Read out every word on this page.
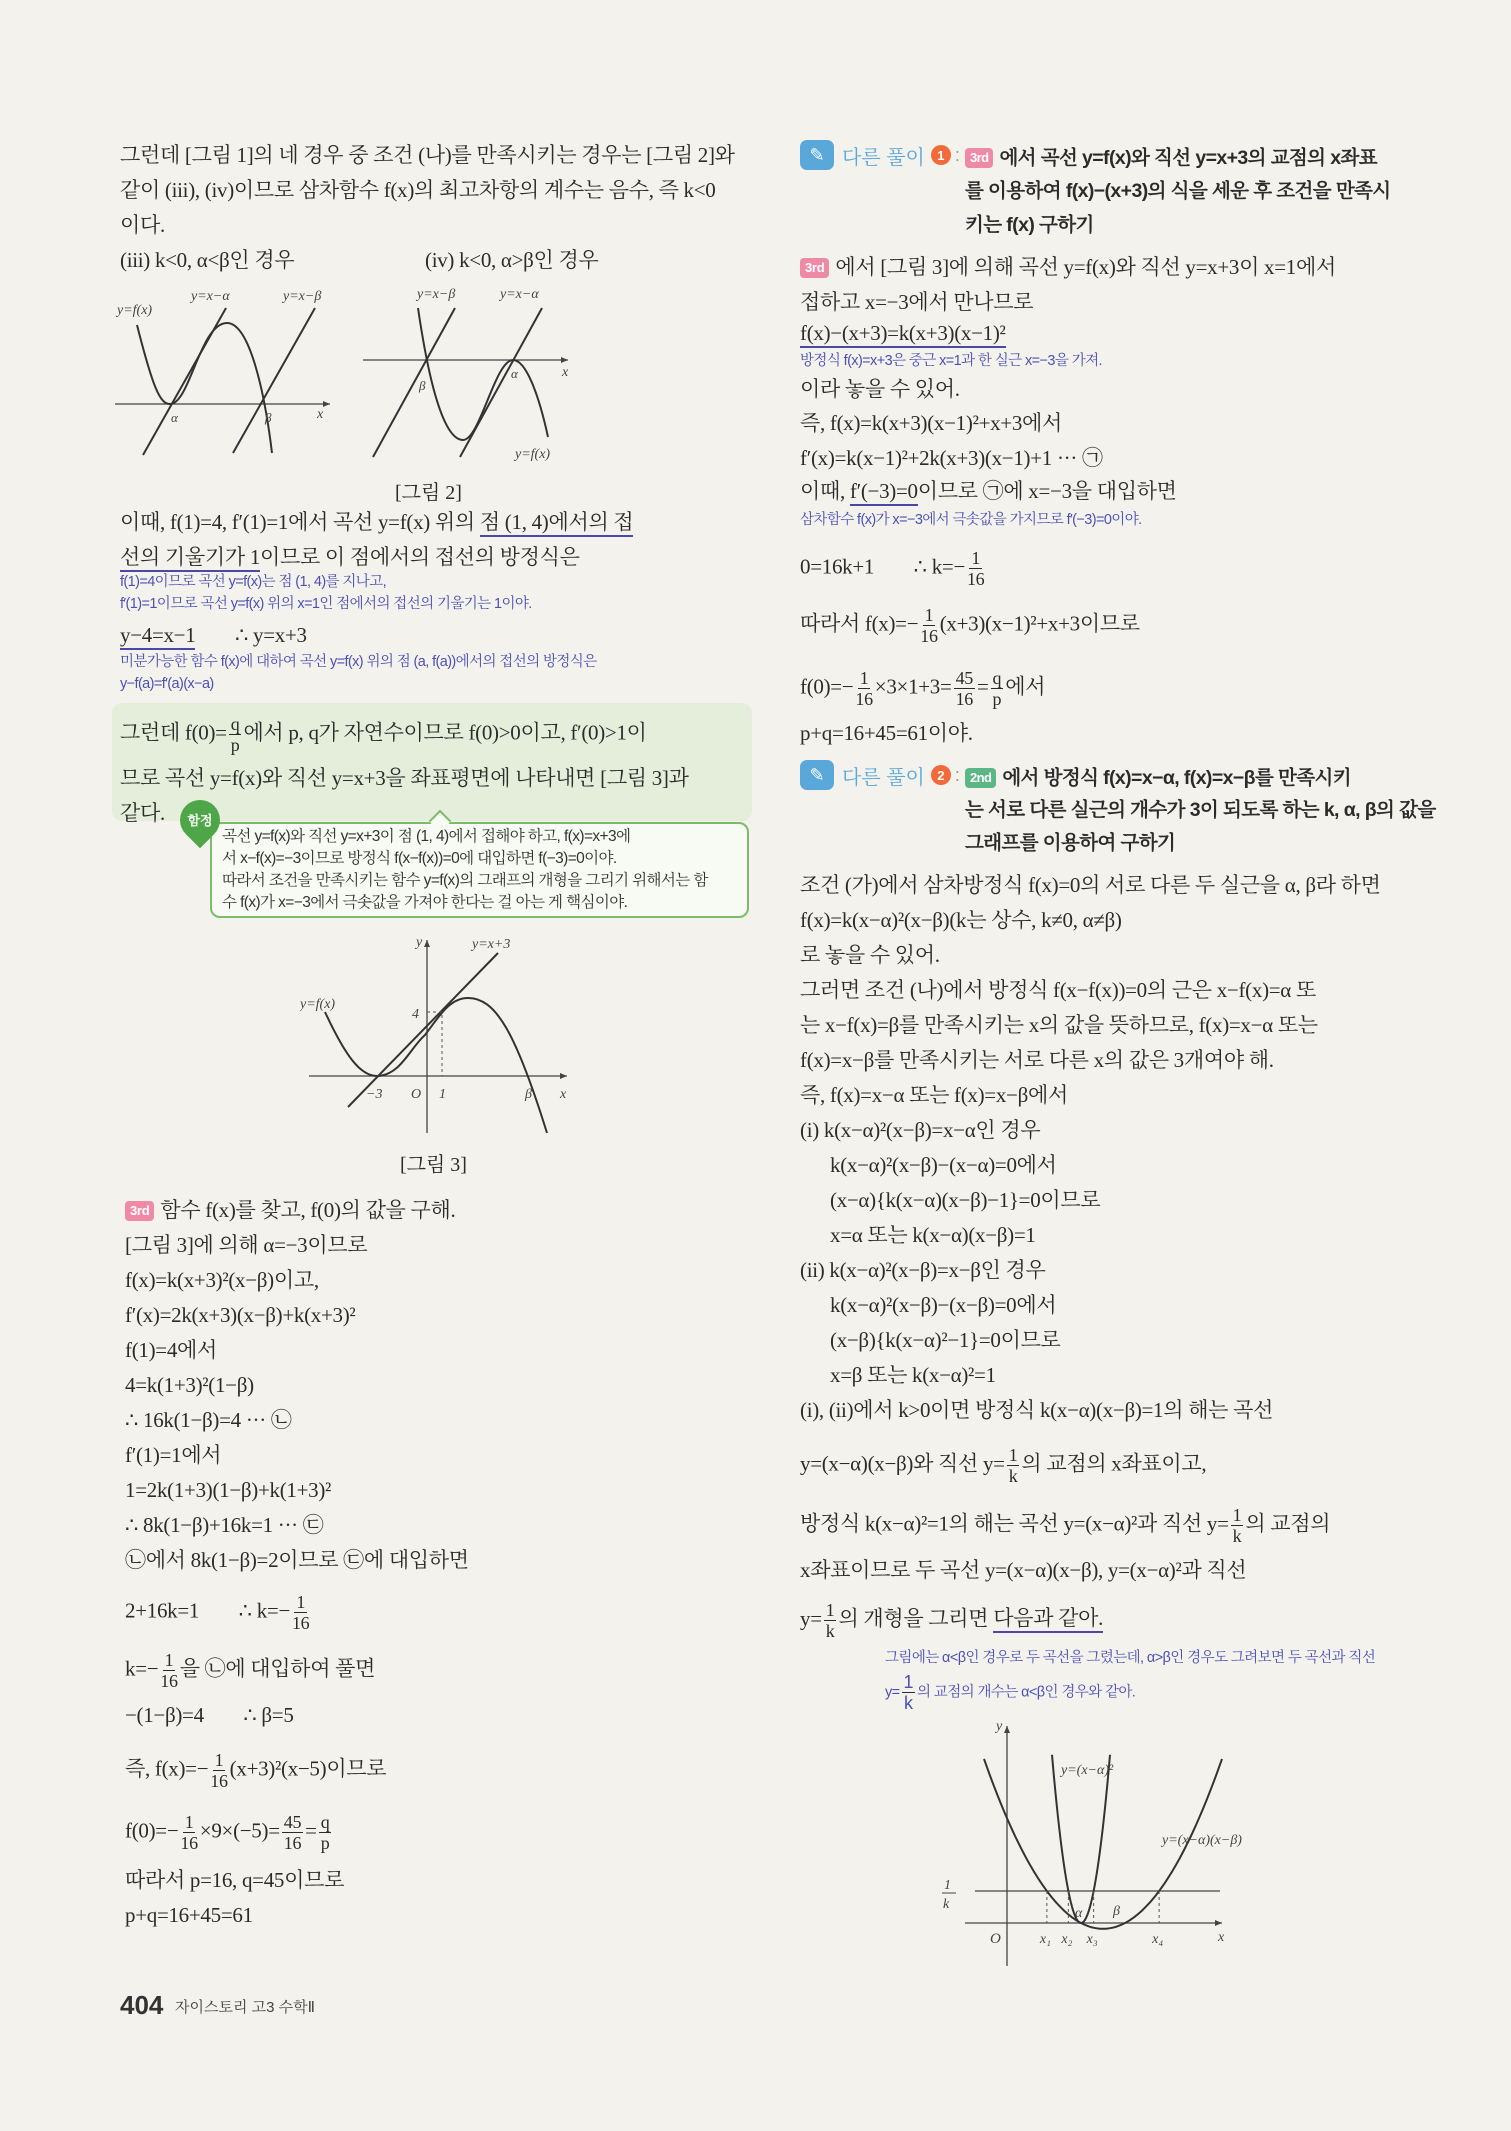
함정
y=f(x)
y=x−α	y=x−β
x
α	β
y=x−β	y=x−α
x
α
β
y=f(x)
[그림 2]
y	y=x+3
y=f(x)
4
−3 O 1	β x
[그림 3]
✎ 다른 풀이 1 :
✎ 다른 풀이 2 :
3rd 에서 곡선 y=f(x)와 직선 y=x+3의 교점의 x좌표
를 이용하여 f(x)−(x+3)의 식을 세운 후 조건을 만족시
키는 f(x) 구하기
2nd 에서 방정식 f(x)=x−α, f(x)=x−β를 만족시키
는 서로 다른 실근의 개수가 3이 되도록 하는 k, α, β의 값을
그래프를 이용하여 구하기
x₁ x₂ x₃	x₄
y
y=(x−α)²
y=(x−α)(x−β)
1
k
O
α β
x
404 자이스토리 고3 수학Ⅱ
그런데 [그림 1]의 네 경우 중 조건 (나)를 만족시키는 경우는 [그림 2]와
같이 (iii), (iv)이므로 삼차함수 f(x)의 최고차항의 계수는 음수, 즉 k<0
이다.
(iii) k<0, α<β인 경우	(iv) k<0, α>β인 경우
이때, f(1)=4, f′(1)=1에서 곡선 y=f(x) 위의 점 (1, 4)에서의 접
선의 기울기가 1이므로 이 점에서의 접선의 방정식은
f(1)=4이므로 곡선 y=f(x)는 점 (1, 4)를 지나고,
f′(1)=1이므로 곡선 y=f(x) 위의 x=1인 점에서의 접선의 기울기는 1이야.
y−4=x−1        ∴ y=x+3
미분가능한 함수 f(x)에 대하여 곡선 y=f(x) 위의 점 (a, f(a))에서의 접선의 방정식은
y−f(a)=f′(a)(x−a)
그런데 $f(0)= \frac{q}{p}$ 에서 p, q가 자연수이므로 f(0)>0이고, f′(0)>1이
므로 곡선 y=f(x)와 직선 y=x+3을 좌표평면에 나타내면 [그림 3]과
같다.
곡선 y=f(x)와 직선 y=x+3이 점 (1, 4)에서 접해야 하고, f(x)=x+3에
서 x−f(x)=−3이므로 방정식 f(x−f(x))=0에 대입하면 f(−3)=0이야.
따라서 조건을 만족시키는 함수 y=f(x)의 그래프의 개형을 그리기 위해서는 함
수 f(x)가 x=−3에서 극솟값을 가져야 한다는 걸 아는 게 핵심이야.
3rd 함수 f(x)를 찾고, f(0)의 값을 구해.
[그림 3]에 의해 α=−3이므로
f(x)=k(x+3)²(x−β)이고,
f′(x)=2k(x+3)(x−β)+k(x+3)²
f(1)=4에서
4=k(1+3)²(1−β)
∴ 16k(1−β)=4 ··· ㉡
f′(1)=1에서
1=2k(1+3)(1−β)+k(1+3)²
∴ 8k(1−β)+16k=1 ··· ㉢
㉡에서 8k(1−β)=2이므로 ㉢에 대입하면
2+16k=1        ∴ $k=- \frac{1}{16}$
$k=- \frac{1}{16}$ 을 ㉡에 대입하여 풀면
−(1−β)=4        ∴ β=5
즉, $f(x)=- \frac{1}{16} (x+3)^2(x-5)$이므로
$f(0)=- \frac{1}{16} \times 9\times(-5)= \frac{45}{16} = \frac{q}{p}$
따라서 p=16, q=45이므로
p+q=16+45=61
3rd 에서 [그림 3]에 의해 곡선 y=f(x)와 직선 y=x+3이 x=1에서
접하고 x=−3에서 만나므로
f(x)−(x+3)=k(x+3)(x−1)²
방정식 f(x)=x+3은 중근 x=1과 한 실근 x=−3을 가져.
이라 놓을 수 있어.
즉, f(x)=k(x+3)(x−1)²+x+3에서
f′(x)=k(x−1)²+2k(x+3)(x−1)+1 ··· ㉠
이때, f′(−3)=0이므로 ㉠에 x=−3을 대입하면
삼차함수 f(x)가 x=−3에서 극솟값을 가지므로 f′(−3)=0이야.
0=16k+1        ∴ $k=- \frac{1}{16}$
따라서 $f(x)=- \frac{1}{16} (x+3)(x-1)^2+x+3$이므로
$f(0)=- \frac{1}{16} \times 3\times 1+3= \frac{45}{16} = \frac{q}{p}$ 에서
p+q=16+45=61이야.
조건 (가)에서 삼차방정식 f(x)=0의 서로 다른 두 실근을 α, β라 하면
f(x)=k(x−α)²(x−β)(k는 상수, k≠0, α≠β)
로 놓을 수 있어.
그러면 조건 (나)에서 방정식 f(x−f(x))=0의 근은 x−f(x)=α 또
는 x−f(x)=β를 만족시키는 x의 값을 뜻하므로, f(x)=x−α 또는
f(x)=x−β를 만족시키는 서로 다른 x의 값은 3개여야 해.
즉, f(x)=x−α 또는 f(x)=x−β에서
(i) k(x−α)²(x−β)=x−α인 경우
k(x−α)²(x−β)−(x−α)=0에서
(x−α){k(x−α)(x−β)−1}=0이므로
x=α 또는 k(x−α)(x−β)=1
(ii) k(x−α)²(x−β)=x−β인 경우
k(x−α)²(x−β)−(x−β)=0에서
(x−β){k(x−α)²−1}=0이므로
x=β 또는 k(x−α)²=1
(i), (ii)에서 k>0이면 방정식 k(x−α)(x−β)=1의 해는 곡선
y=(x−α)(x−β)와 직선 $y= \frac{1}{k}$ 의 교점의 x좌표이고,
방정식 k(x−α)²=1의 해는 곡선 y=(x−α)²과 직선 $y= \frac{1}{k}$ 의 교점의
x좌표이므로 두 곡선 y=(x−α)(x−β), y=(x−α)²과 직선
$y= \frac{1}{k}$ 의 개형을 그리면 다음과 같아.
그림에는 α<β인 경우로 두 곡선을 그렸는데, α>β인 경우도 그려보면 두 곡선과 직선
$y= \frac{1}{k}$ 의 교점의 개수는 α<β인 경우와 같아.
